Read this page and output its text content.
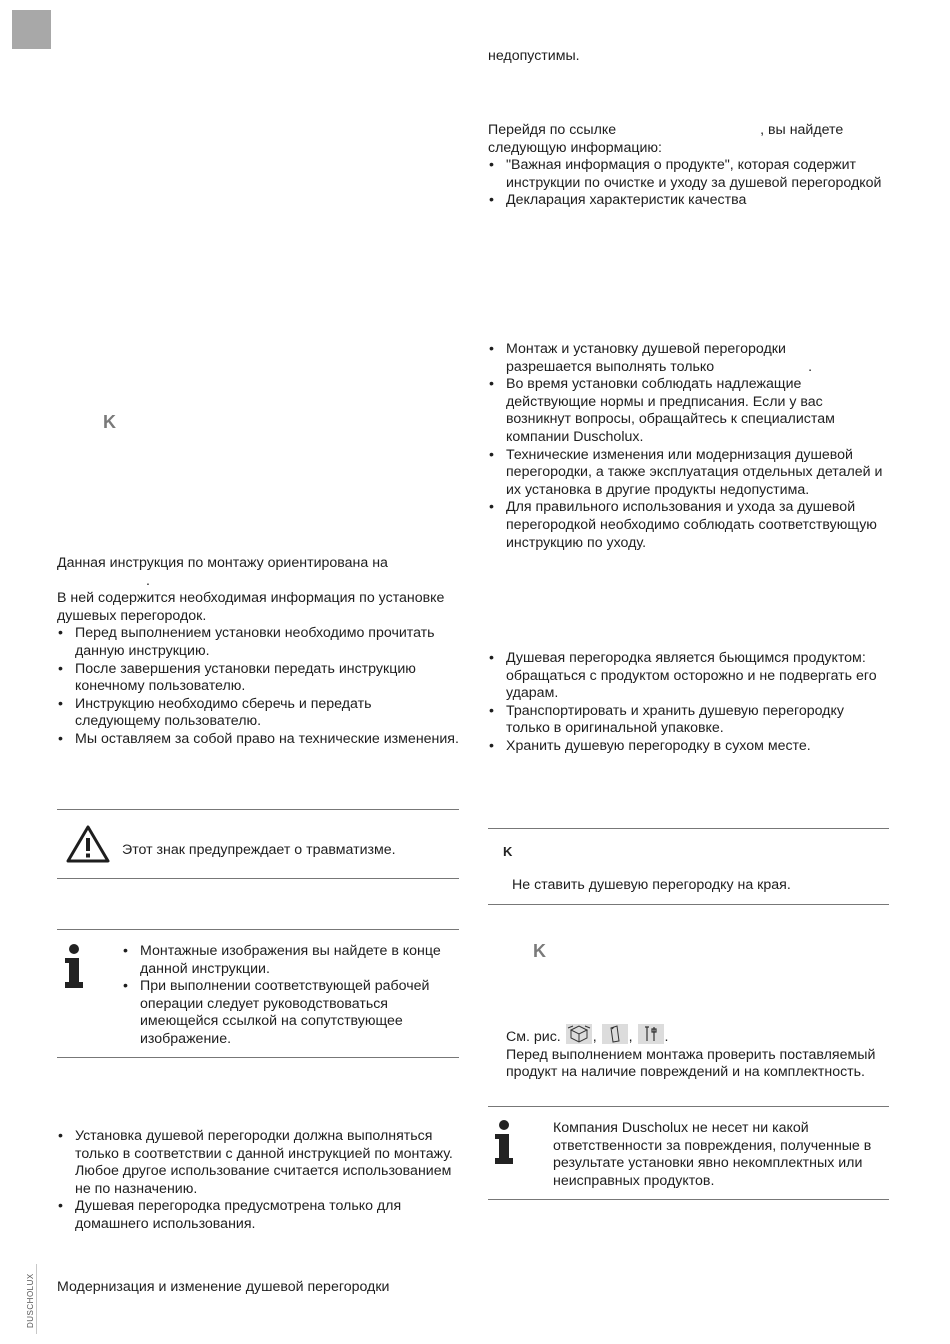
DUSCHOLUX
K

Данная инструкция по монтажу ориентирована на

.

В ней содержится необходимая информация по установке душевых перегородок.

• Перед выполнением установки необходимо прочитать данную инструкцию.
• После завершения установки передать инструкцию конечному пользователю.
• Инструкцию необходимо сберечь и передать следующему пользователю.
• Мы оставляем за собой право на технические изменения.

Этот знак предупреждает о травматизме.

• Монтажные изображения вы найдете в конце данной инструкции.
• При выполнении соответствующей рабочей операции следует руководствоваться имеющейся ссылкой на сопутствующее изображение.
• Установка душевой перегородки должна выполняться только в соответствии с данной инструкцией по монтажу. Любое другое использование считается использованием не по назначению.
• Душевая перегородка предусмотрена только для домашнего использования.

Модернизация и изменение душевой перегородки

недопустимы.

Перейдя по ссылке	, вы найдете

следующую информацию:

• "Важная информация о продукте", которая содержит инструкции по очистке и уходу за душевой перегородкой
• Декларация характеристик качества
• Монтаж и установку душевой перегородки
разрешается выполнять только	.
• Во время установки соблюдать надлежащие действующие нормы и предписания. Если у вас возникнут вопросы, обращайтесь к специалистам компании Duscholux.
• Технические изменения или модернизация душевой перегородки, а также эксплуатация отдельных деталей и их установка в другие продукты недопустима.
• Для правильного использования и ухода за душевой перегородкой необходимо соблюдать соответствующую инструкцию по уходу.
• Душевая перегородка является бьющимся продуктом: обращаться с продуктом осторожно и не подвергать его ударам.
• Транспортировать и хранить душевую перегородку только в оригинальной упаковке.
• Хранить душевую перегородку в сухом месте.
K

Не ставить душевую перегородку на края.

K

См. рис. , , .

Перед выполнением монтажа проверить поставляемый продукт на наличие повреждений и на комплектность.

Компания Duscholux не несет ни какой ответственности за повреждения, полученные в результате установки явно некомплектных или неисправных продуктов.
